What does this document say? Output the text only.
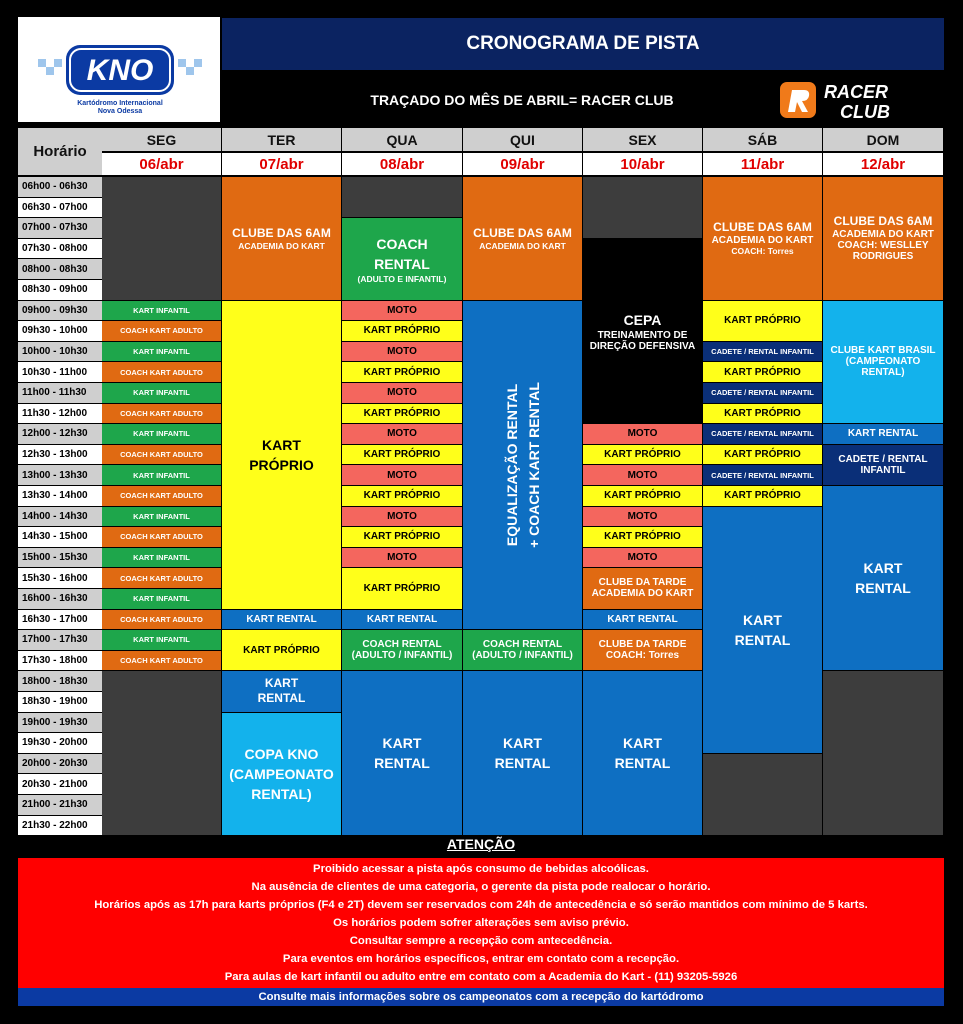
KNO
Kartódromo Internacional
Nova Odessa
CRONOGRAMA DE PISTA
TRAÇADO DO MÊS DE ABRIL= RACER CLUB	RACER
CLUB
Horário
SEG
06/abr
TER
07/abr
QUA
08/abr
QUI
09/abr
SEX
10/abr
SÁB
11/abr
DOM
12/abr
06h00 - 06h30
06h30 - 07h00
07h00 - 07h30
07h30 - 08h00
08h00 - 08h30
08h30 - 09h00
09h00 - 09h30
09h30 - 10h00
10h00 - 10h30
10h30 - 11h00
11h00 - 11h30
11h30 - 12h00
12h00 - 12h30
12h30 - 13h00
13h00 - 13h30
13h30 - 14h00
14h00 - 14h30
14h30 - 15h00
15h00 - 15h30
15h30 - 16h00
16h00 - 16h30
16h30 - 17h00
17h00 - 17h30
17h30 - 18h00
18h00 - 18h30
18h30 - 19h00
19h00 - 19h30
19h30 - 20h00
20h00 - 20h30
20h30 - 21h00
21h00 - 21h30
21h30 - 22h00
KART INFANTIL
COACH KART ADULTO
KART INFANTIL
COACH KART ADULTO
KART INFANTIL
COACH KART ADULTO
KART INFANTIL
COACH KART ADULTO
KART INFANTIL
COACH KART ADULTO
KART INFANTIL
COACH KART ADULTO
KART INFANTIL
COACH KART ADULTO
KART INFANTIL
COACH KART ADULTO
KART INFANTIL
COACH KART ADULTO
CLUBE DAS 6AM
ACADEMIA DO KART
KART
PRÓPRIO
KART RENTAL
KART PRÓPRIO
KART
RENTAL
COPA KNO
(CAMPEONATO
RENTAL)
COACH
RENTAL
(ADULTO E INFANTIL)
MOTO
KART PRÓPRIO
MOTO
KART PRÓPRIO
MOTO
KART PRÓPRIO
MOTO
KART PRÓPRIO
MOTO
KART PRÓPRIO
MOTO
KART PRÓPRIO
MOTO
KART PRÓPRIO
KART RENTAL
COACH RENTAL
(ADULTO / INFANTIL)
KART
RENTAL
CLUBE DAS 6AM
ACADEMIA DO KART
EQUALIZAÇÃO RENTAL + COACH KART RENTAL
COACH RENTAL
(ADULTO / INFANTIL)
KART
RENTAL
CEPA
TREINAMENTO DE
DIREÇÃO DEFENSIVA
MOTO
KART PRÓPRIO
MOTO
KART PRÓPRIO
MOTO
KART PRÓPRIO
MOTO
CLUBE DA TARDE
ACADEMIA DO KART
KART RENTAL
CLUBE DA TARDE
COACH: Torres
KART
RENTAL
CLUBE DAS 6AM
ACADEMIA DO KART
COACH: Torres
KART PRÓPRIO
CADETE / RENTAL INFANTIL
KART PRÓPRIO
CADETE / RENTAL INFANTIL
KART PRÓPRIO
CADETE / RENTAL INFANTIL
KART PRÓPRIO
CADETE / RENTAL INFANTIL
KART PRÓPRIO
KART
RENTAL
CLUBE DAS 6AM
ACADEMIA DO KART
COACH: WESLLEY
RODRIGUES
CLUBE KART BRASIL
(CAMPEONATO
RENTAL)
KART RENTAL
CADETE / RENTAL
INFANTIL
KART
RENTAL
ATENÇÃO
Proibido acessar a pista após consumo de bebidas alcoólicas.
Na ausência de clientes de uma categoria, o gerente da pista pode realocar o horário.
Horários após as 17h para karts próprios (F4 e 2T) devem ser reservados com 24h de antecedência e só serão mantidos com mínimo de 5 karts.
Os horários podem sofrer alterações sem aviso prévio.
Consultar sempre a recepção com antecedência.
Para eventos em horários específicos, entrar em contato com a recepção.
Para aulas de kart infantil ou adulto entre em contato com a Academia do Kart - (11) 93205-5926
Consulte mais informações sobre os campeonatos com a recepção do kartódromo
